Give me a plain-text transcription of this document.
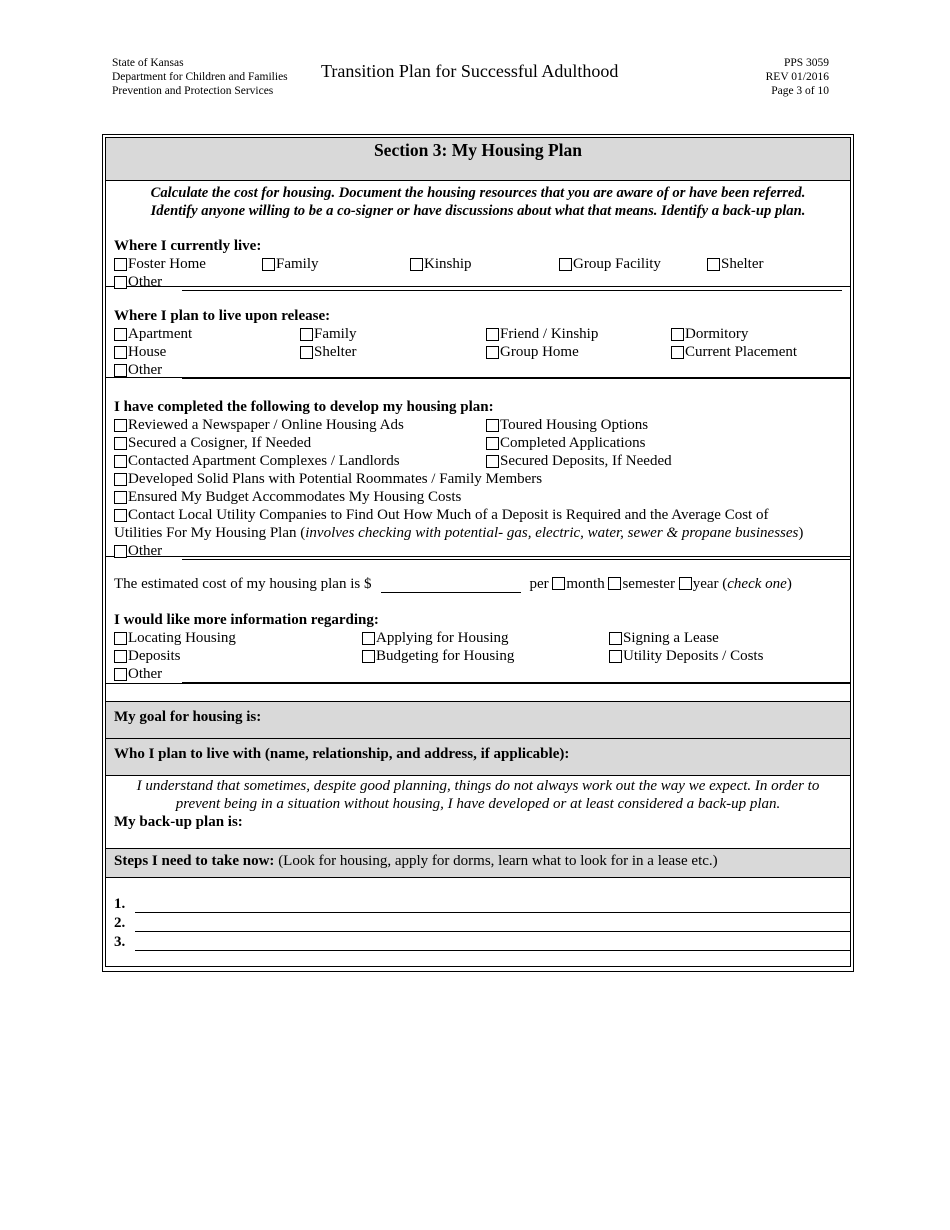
State of Kansas
Department for Children and Families
Prevention and Protection Services
Transition Plan for Successful Adulthood	PPS 3059
REV 01/2016
Page 3 of 10
Section 3: My Housing Plan

Calculate the cost for housing. Document the housing resources that you are aware of or have been referred.

Identify anyone willing to be a co-signer or have discussions about what that means. Identify a back-up plan.

Where I currently live:
Foster Home	Family	Kinship	Group Facility	Shelter
Other
Where I plan to live upon release:
Apartment	Family	Friend / Kinship	Dormitory
House	Shelter	Group Home	Current Placement
Other
I have completed the following to develop my housing plan:
Reviewed a Newspaper / Online Housing Ads	Toured Housing Options
Secured a Cosigner, If Needed	Completed Applications
Contacted Apartment Complexes / Landlords	Secured Deposits, If Needed
Developed Solid Plans with Potential Roommates / Family Members
Ensured My Budget Accommodates My Housing Costs
Contact Local Utility Companies to Find Out How Much of a Deposit is Required and the Average Cost of
Utilities For My Housing Plan ( involves checking with potential- gas, electric, water, sewer & propane businesses )
Other
The estimated cost of my housing plan is $	per
month
semester
year ( check one )
I would like more information regarding:
Locating Housing	Applying for Housing	Signing a Lease
Deposits	Budgeting for Housing	Utility Deposits / Costs
Other
My goal for housing is:
Who I plan to live with (name, relationship, and address, if applicable):

I understand that sometimes, despite good planning, things do not always work out the way we expect. In order to

prevent being in a situation without housing, I have developed or at least considered a back-up plan.

My back-up plan is:
Steps I need to take now: (Look for housing, apply for dorms, learn what to look for in a lease etc.)
1.
2.
3.
